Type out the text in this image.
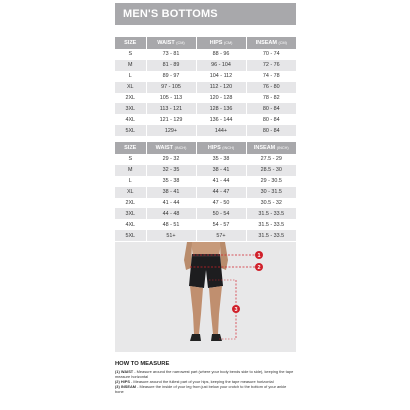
MEN'S BOTTOMS
SIZE	WAIST (CM)	HIPS (CM)	INSEAM (CM)
S	73 - 81	88 - 96	70 - 74
M	81 - 89	96 - 104	72 - 76
L	89 - 97	104 - 112	74 - 78
XL	97 - 105	112 - 120	76 - 80
2XL	105 - 113	120 - 128	78 - 82
3XL	113 - 121	128 - 136	80 - 84
4XL	121 - 129	136 - 144	80 - 84
5XL	129+	144+	80 - 84
SIZE	WAIST (INCH)	HIPS (INCH)	INSEAM (INCH)
S	29 - 32	35 - 38	27.5 - 29
M	32 - 35	38 - 41	28.5 - 30
L	35 - 38	41 - 44	29 - 30.5
XL	38 - 41	44 - 47	30 - 31.5
2XL	41 - 44	47 - 50	30.5 - 32
3XL	44 - 48	50 - 54	31.5 - 33.5
4XL	48 - 51	54 - 57	31.5 - 33.5
5XL	51+	57+	31.5 - 33.5
1
2
3
HOW TO MEASURE
(1) WAIST - Measure around the narrowest part (where your body bends side to side), keeping the tape measure horizontal
(2) HIPS - Measure around the fullest part of your hips, keeping the tape measure horizontal
(3) INSEAM - Measure the inside of your leg from just below your crotch to the bottom of your ankle bone
